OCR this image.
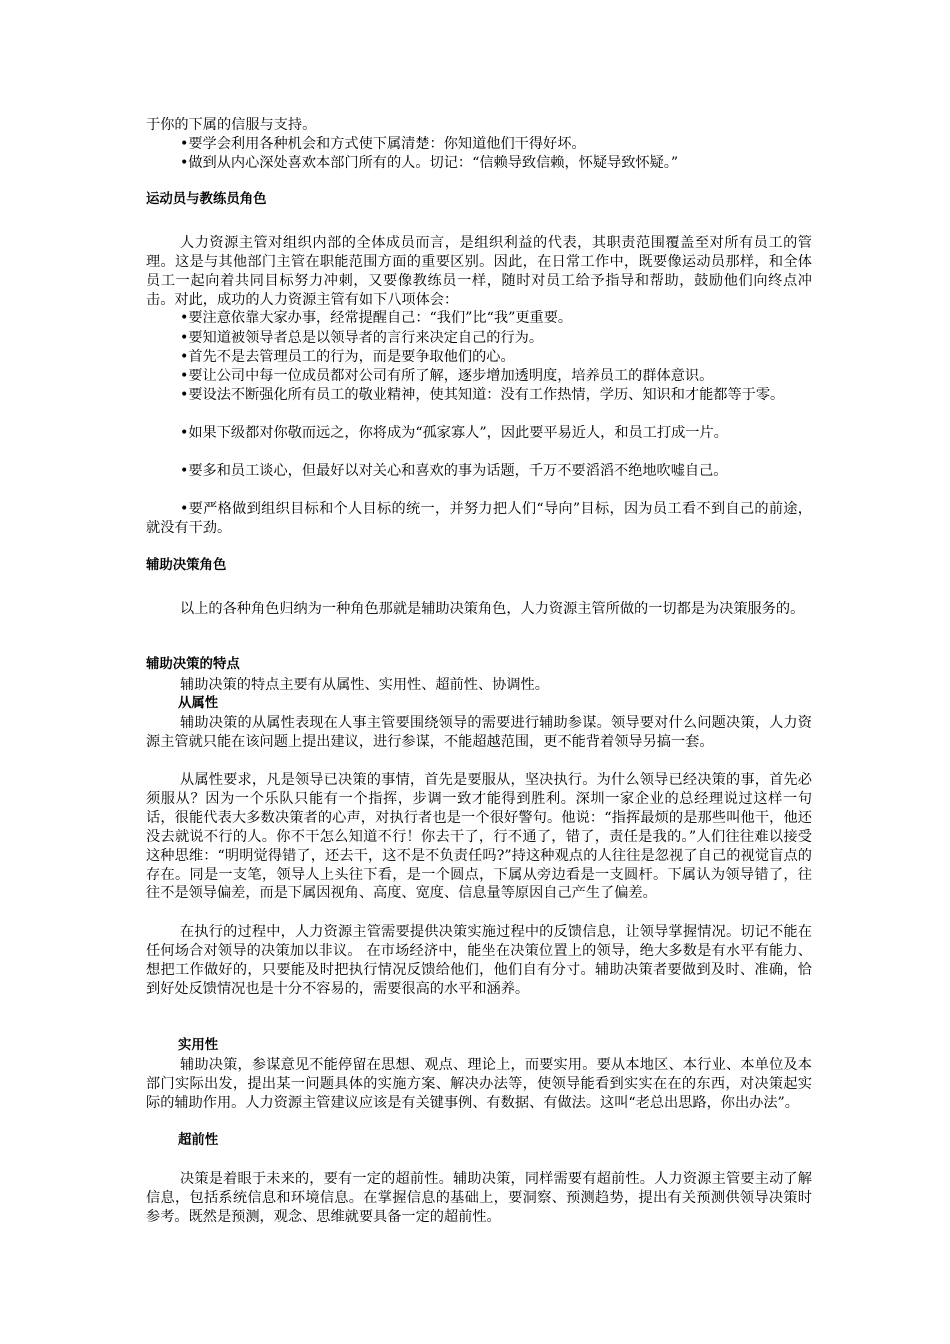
于你的下属的信服与支持。

•要学会利用各种机会和方式使下属清楚：你知道他们干得好坏。

•做到从内心深处喜欢本部门所有的人。切记：“信赖导致信赖，怀疑导致怀疑。”

运动员与教练员角色

人力资源主管对组织内部的全体成员而言，是组织利益的代表，其职责范围覆盖至对所有员工的管理。这是与其他部门主管在职能范围方面的重要区别。因此，在日常工作中，既要像运动员那样，和全体员工一起向着共同目标努力冲刺，又要像教练员一样，随时对员工给予指导和帮助，鼓励他们向终点冲击。对此，成功的人力资源主管有如下八项体会：

•要注意依靠大家办事，经常提醒自己：“我们”比“我”更重要。

•要知道被领导者总是以领导者的言行来决定自己的行为。

•首先不是去管理员工的行为，而是要争取他们的心。

•要让公司中每一位成员都对公司有所了解，逐步增加透明度，培养员工的群体意识。

•要设法不断强化所有员工的敬业精神，使其知道：没有工作热情，学历、知识和才能都等于零。

•如果下级都对你敬而远之，你将成为“孤家寡人”，因此要平易近人，和员工打成一片。

•要多和员工谈心，但最好以对关心和喜欢的事为话题，千万不要滔滔不绝地吹嘘自己。

•要严格做到组织目标和个人目标的统一，并努力把人们“导向”目标，因为员工看不到自己的前途，就没有干劲。

辅助决策角色

以上的各种角色归纳为一种角色那就是辅助决策角色，人力资源主管所做的一切都是为决策服务的。

辅助决策的特点

辅助决策的特点主要有从属性、实用性、超前性、协调性。

从属性

辅助决策的从属性表现在人事主管要围绕领导的需要进行辅助参谋。领导要对什么问题决策，人力资源主管就只能在该问题上提出建议，进行参谋，不能超越范围，更不能背着领导另搞一套。

从属性要求，凡是领导已决策的事情，首先是要服从，坚决执行。为什么领导已经决策的事，首先必须服从？因为一个乐队只能有一个指挥，步调一致才能得到胜利。深圳一家企业的总经理说过这样一句话，很能代表大多数决策者的心声，对执行者也是一个很好警句。他说：“指挥最烦的是那些叫他干，他还没去就说不行的人。你不干怎么知道不行！你去干了，行不通了，错了，责任是我的。”人们往往难以接受这种思维：“明明觉得错了，还去干，这不是不负责任吗?”持这种观点的人往往是忽视了自己的视觉盲点的存在。同是一支笔，领导人上头往下看，是一个圆点，下属从旁边看是一支圆杆。下属认为领导错了，往往不是领导偏差，而是下属因视角、高度、宽度、信息量等原因自己产生了偏差。

在执行的过程中，人力资源主管需要提供决策实施过程中的反馈信息，让领导掌握情况。切记不能在任何场合对领导的决策加以非议。 在市场经济中，能坐在决策位置上的领导，绝大多数是有水平有能力、想把工作做好的，只要能及时把执行情况反馈给他们，他们自有分寸。辅助决策者要做到及时、准确，恰到好处反馈情况也是十分不容易的，需要很高的水平和涵养。

实用性

辅助决策，参谋意见不能停留在思想、观点、理论上，而要实用。要从本地区、本行业、本单位及本部门实际出发，提出某一问题具体的实施方案、解决办法等，使领导能看到实实在在的东西，对决策起实际的辅助作用。人力资源主管建议应该是有关键事例、有数据、有做法。这叫“老总出思路，你出办法”。

超前性

决策是着眼于未来的，要有一定的超前性。辅助决策，同样需要有超前性。人力资源主管要主动了解信息，包括系统信息和环境信息。在掌握信息的基础上，要洞察、预测趋势，提出有关预测供领导决策时参考。既然是预测，观念、思维就要具备一定的超前性。
